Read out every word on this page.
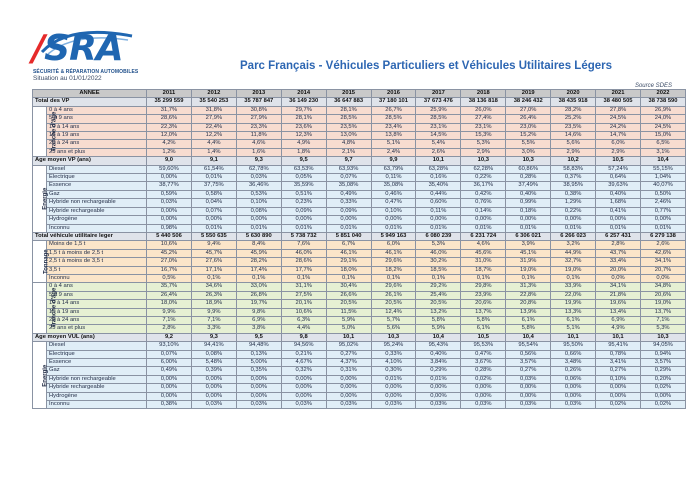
/SRA
SÉCURITÉ & RÉPARATION AUTOMOBILES
Situation au 01/01/2022
Parc Français - Véhicules Particuliers et Véhicules Utilitaires Légers
Source SDES
ANNEE		2011	2012	2013	2014	2015	2016	2017	2018	2019	2020	2021	2022
Total des VP		35 299 559	35 540 253	35 787 847	36 149 230	36 647 883	37 180 101	37 673 476	38 136 818	38 246 432	38 435 918	38 480 505	38 738 590
Tranche d'âge	0 à 4 ans	31,7%	31,8%	30,8%	29,7%	28,1%	26,7%	25,9%	26,0%	27,0%	28,2%	27,8%	26,9%
	5 à 9 ans	28,6%	27,9%	27,9%	28,1%	28,5%	28,5%	28,5%	27,4%	26,4%	25,2%	24,5%	24,0%
	10 à 14 ans	22,3%	22,4%	23,3%	23,6%	23,5%	23,4%	23,1%	23,1%	23,0%	23,5%	24,2%	24,5%
	15 à 19 ans	12,0%	12,2%	11,8%	12,3%	13,0%	13,8%	14,5%	15,3%	15,2%	14,6%	14,7%	15,0%
	20 à 24 ans	4,2%	4,4%	4,6%	4,9%	4,8%	5,1%	5,4%	5,3%	5,5%	5,6%	6,0%	6,5%
	25 ans et plus	1,2%	1,4%	1,6%	1,8%	2,1%	2,4%	2,6%	2,9%	3,0%	2,9%	2,9%	3,1%
Age moyen VP (ans)		9,0	9,1	9,3	9,5	9,7	9,9	10,1	10,3	10,3	10,2	10,5	10,4
Energie	Diesel	59,60%	61,54%	62,78%	63,53%	63,93%	63,79%	63,28%	62,28%	60,86%	58,83%	57,24%	55,15%
	Electrique	0,00%	0,01%	0,03%	0,05%	0,07%	0,11%	0,16%	0,22%	0,28%	0,37%	0,64%	1,04%
	Essence	38,77%	37,75%	36,46%	35,59%	35,08%	35,08%	35,40%	36,17%	37,49%	38,95%	39,63%	40,07%
	Gaz	0,59%	0,58%	0,53%	0,51%	0,49%	0,46%	0,44%	0,42%	0,40%	0,38%	0,40%	0,50%
	Hybride non rechargeable	0,03%	0,04%	0,10%	0,23%	0,33%	0,47%	0,60%	0,76%	0,99%	1,29%	1,68%	2,46%
	Hybride rechargeable	0,00%	0,07%	0,08%	0,09%	0,09%	0,10%	0,11%	0,14%	0,18%	0,22%	0,41%	0,77%
	Hydrogène	0,00%	0,00%	0,00%	0,00%	0,00%	0,00%	0,00%	0,00%	0,00%	0,00%	0,00%	0,00%
	Inconnu	0,98%	0,01%	0,01%	0,01%	0,01%	0,01%	0,01%	0,01%	0,01%	0,01%	0,01%	0,01%
Total véhicule utilitaire leger		5 440 506	5 550 635	5 630 890	5 738 732	5 851 040	5 949 163	6 080 239	6 231 724	6 306 021	6 266 023	6 257 431	6 279 138
Tonnage	Moins de 1,5 t	10,6%	9,4%	8,4%	7,6%	6,7%	6,0%	5,3%	4,6%	3,9%	3,2%	2,8%	2,6%
	1,5 t à moins de 2,5 t	45,2%	45,7%	45,9%	46,0%	46,1%	46,1%	46,0%	45,6%	45,1%	44,9%	43,7%	42,6%
	2,5 t à moins de 3,5 t	27,0%	27,6%	28,2%	28,6%	29,1%	29,6%	30,2%	31,0%	31,9%	32,7%	33,4%	34,1%
	3,5 t	16,7%	17,1%	17,4%	17,7%	18,0%	18,2%	18,5%	18,7%	19,0%	19,0%	20,0%	20,7%
	Inconnu	0,5%	0,1%	0,1%	0,1%	0,1%	0,1%	0,1%	0,1%	0,1%	0,1%	0,0%	0,0%
Tranche d'âge	0 à 4 ans	35,7%	34,6%	33,0%	31,1%	30,4%	29,6%	29,2%	29,8%	31,3%	33,9%	34,1%	34,8%
	5 à 9 ans	26,4%	26,3%	26,8%	27,5%	26,6%	26,1%	25,4%	23,9%	22,8%	22,0%	21,8%	20,6%
	10 à 14 ans	18,0%	18,9%	19,7%	20,1%	20,5%	20,5%	20,5%	20,6%	20,8%	19,9%	19,6%	19,0%
	15 à 19 ans	9,9%	9,9%	9,8%	10,6%	11,5%	12,4%	13,2%	13,7%	13,9%	13,3%	13,4%	13,7%
	20 à 24 ans	7,1%	7,1%	6,9%	6,3%	5,9%	5,7%	5,8%	5,8%	6,1%	6,1%	6,9%	7,1%
	25 ans et plus	2,8%	3,3%	3,8%	4,4%	5,0%	5,6%	5,9%	6,1%	5,8%	5,1%	4,9%	5,3%
Age moyen VUL (ans)		9,2	9,3	9,5	9,8	10,1	10,3	10,4	10,5	10,4	10,1	10,1	10,3
Energie	Diesel	93,10%	94,41%	94,48%	94,56%	95,02%	95,24%	95,43%	95,53%	95,54%	95,50%	95,41%	94,05%
	Electrique	0,07%	0,08%	0,13%	0,21%	0,27%	0,33%	0,40%	0,47%	0,56%	0,66%	0,78%	0,94%
	Essence	6,00%	5,48%	5,00%	4,67%	4,37%	4,10%	3,84%	3,67%	3,57%	3,48%	3,41%	3,57%
	Gaz	0,49%	0,39%	0,35%	0,32%	0,31%	0,30%	0,29%	0,28%	0,27%	0,26%	0,27%	0,29%
	Hybride non rechargeable	0,00%	0,00%	0,00%	0,00%	0,00%	0,01%	0,01%	0,02%	0,03%	0,06%	0,10%	0,20%
	Hybride rechargeable	0,00%	0,00%	0,00%	0,00%	0,00%	0,00%	0,00%	0,00%	0,00%	0,00%	0,00%	0,02%
	Hydrogène	0,00%	0,00%	0,00%	0,00%	0,00%	0,00%	0,00%	0,00%	0,00%	0,00%	0,00%	0,00%
	Inconnu	0,38%	0,03%	0,03%	0,03%	0,03%	0,03%	0,03%	0,03%	0,03%	0,03%	0,02%	0,02%
